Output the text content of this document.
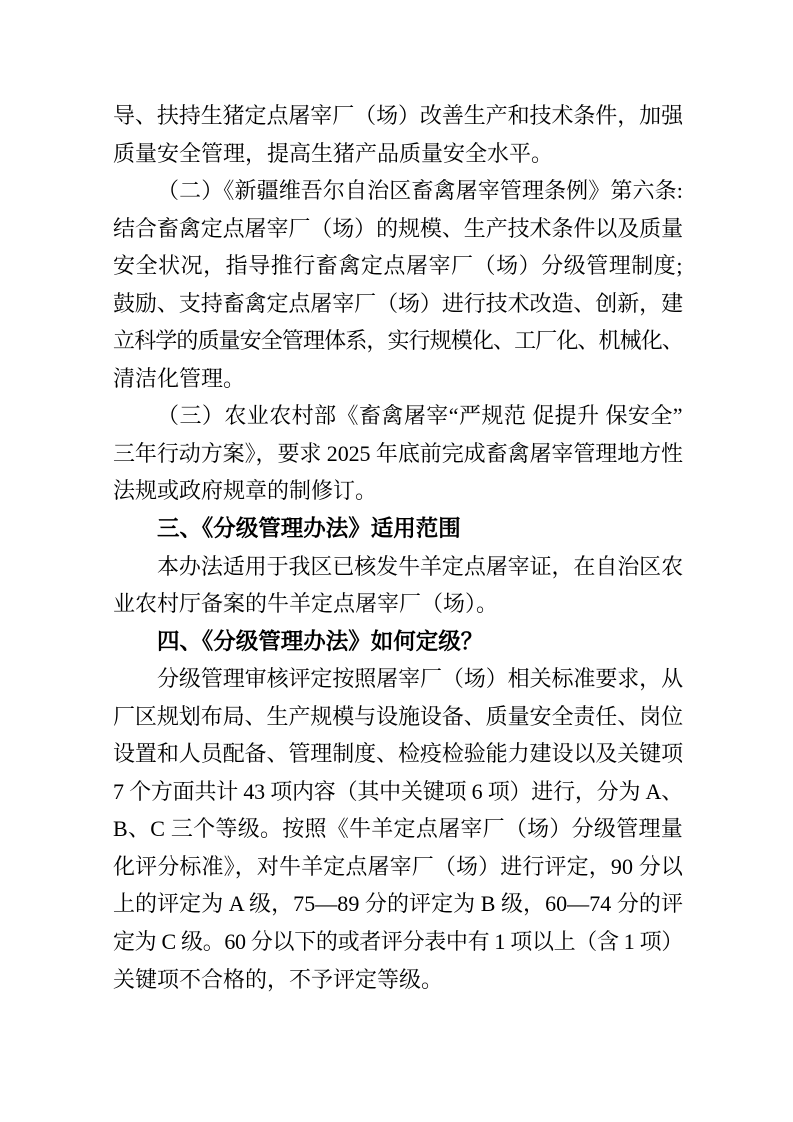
导、扶持生猪定点屠宰厂（场）改善生产和技术条件，加强
质量安全管理，提高生猪产品质量安全水平。
（二）《新疆维吾尔自治区畜禽屠宰管理条例》第六条:
结合畜禽定点屠宰厂（场）的规模、生产技术条件以及质量
安全状况，指导推行畜禽定点屠宰厂（场）分级管理制度;
鼓励、支持畜禽定点屠宰厂（场）进行技术改造、创新，建
立科学的质量安全管理体系，实行规模化、工厂化、机械化、
清洁化管理。
（三）农业农村部《畜禽屠宰“严规范 促提升 保安全”
三年行动方案》，要求 2025 年底前完成畜禽屠宰管理地方性
法规或政府规章的制修订。
三、《分级管理办法》适用范围
本办法适用于我区已核发牛羊定点屠宰证，在自治区农
业农村厅备案的牛羊定点屠宰厂（场）。
四、《分级管理办法》如何定级？
分级管理审核评定按照屠宰厂（场）相关标准要求，从
厂区规划布局、生产规模与设施设备、质量安全责任、岗位
设置和人员配备、管理制度、检疫检验能力建设以及关键项
7 个方面共计 43 项内容（其中关键项 6 项）进行，分为 A、
B、C 三个等级。按照《牛羊定点屠宰厂（场）分级管理量
化评分标准》，对牛羊定点屠宰厂（场）进行评定，90 分以
上的评定为 A 级，75—89 分的评定为 B 级，60—74 分的评
定为 C 级。60 分以下的或者评分表中有 1 项以上（含 1 项）
关键项不合格的，不予评定等级。
